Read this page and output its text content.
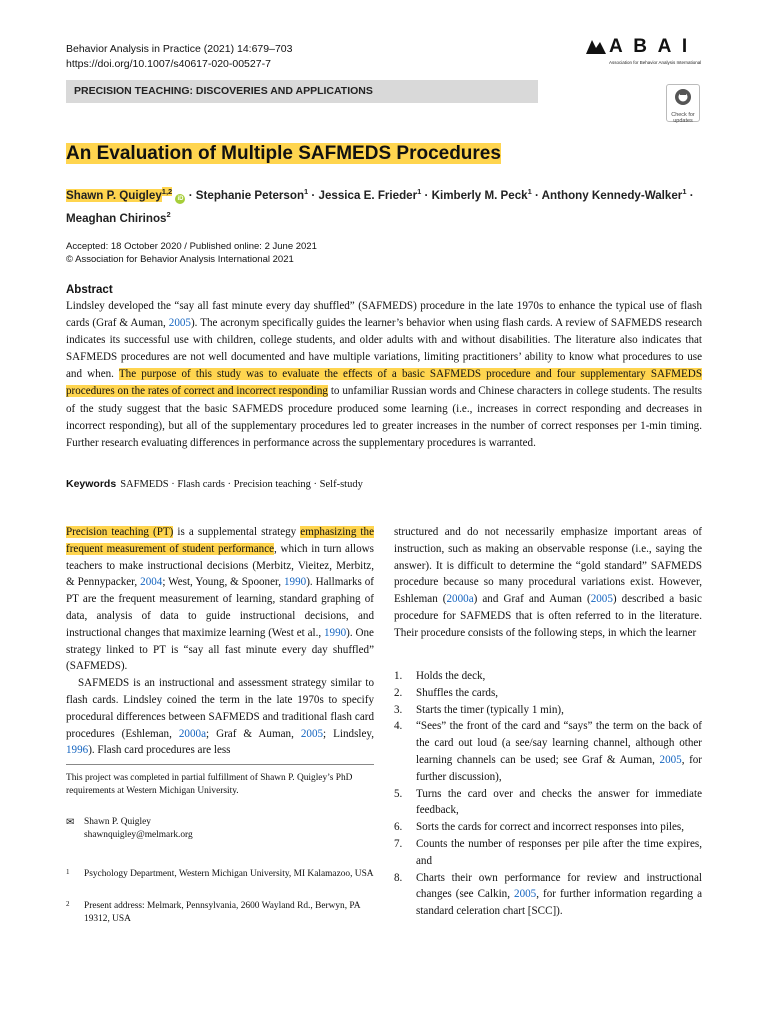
Behavior Analysis in Practice (2021) 14:679–703
https://doi.org/10.1007/s40617-020-00527-7
A B A I
Association for Behavior Analysis International
PRECISION TEACHING: DISCOVERIES AND APPLICATIONS
Check for updates
An Evaluation of Multiple SAFMEDS Procedures
Shawn P. Quigley$^{1,2}$ iD · Stephanie Peterson$^1$ · Jessica E. Frieder$^1$ · Kimberly M. Peck$^1$ · Anthony Kennedy-Walker$^1$ ·
Meaghan Chirinos$^2$
Accepted: 18 October 2020 / Published online: 2 June 2021
© Association for Behavior Analysis International 2021
Abstract

Lindsley developed the “say all fast minute every day shuffled” (SAFMEDS) procedure in the late 1970s to enhance the typical use of flash cards (Graf & Auman, 2005). The acronym specifically guides the learner’s behavior when using flash cards. A review of SAFMEDS research indicates its successful use with children, college students, and older adults with and without disabilities. The literature also indicates that SAFMEDS procedures are not well documented and have multiple variations, limiting practitioners’ ability to know what procedures to use and when. The purpose of this study was to evaluate the effects of a basic SAFMEDS procedure and four supplementary SAFMEDS procedures on the rates of correct and incorrect responding to unfamiliar Russian words and Chinese characters in college students. The results of the study suggest that the basic SAFMEDS procedure produced some learning (i.e., increases in correct responding and decreases in incorrect responding), but all of the supplementary procedures led to greater increases in the number of correct responses per 1-min timing. Further research evaluating differences in performance across the supplementary procedures is warranted.

Keywords SAFMEDS · Flash cards · Precision teaching · Self-study

Precision teaching (PT) is a supplemental strategy emphasizing the frequent measurement of student performance, which in turn allows teachers to make instructional decisions (Merbitz, Vieitez, Merbitz, & Pennypacker, 2004; West, Young, & Spooner, 1990). Hallmarks of PT are the frequent measurement of learning, standard graphing of data, analysis of data to guide instructional decisions, and instructional changes that maximize learning (West et al., 1990). One strategy linked to PT is “say all fast minute every day shuffled” (SAFMEDS).

SAFMEDS is an instructional and assessment strategy similar to flash cards. Lindsley coined the term in the late 1970s to specify procedural differences between SAFMEDS and traditional flash card procedures (Eshleman, 2000a; Graf & Auman, 2005; Lindsley, 1996). Flash card procedures are less

This project was completed in partial fulfillment of Shawn P. Quigley’s PhD requirements at Western Michigan University.
✉	Shawn P. Quigley
shawnquigley@melmark.org
1 Psychology Department, Western Michigan University, MI Kalamazoo, USA
2 Present address: Melmark, Pennsylvania, 2600 Wayland Rd., Berwyn, PA 19312, USA

structured and do not necessarily emphasize important areas of instruction, such as making an observable response (i.e., saying the answer). It is difficult to determine the “gold standard” SAFMEDS procedure because so many procedural variations exist. However, Eshleman (2000a) and Graf and Auman (2005) described a basic procedure for SAFMEDS that is often referred to in the literature. Their procedure consists of the following steps, in which the learner

1. Holds the deck,
2. Shuffles the cards,
3. Starts the timer (typically 1 min),
4. “Sees” the front of the card and “says” the term on the back of the card out loud (a see/say learning channel, although other learning channels can be used; see Graf & Auman, 2005, for further discussion),
5. Turns the card over and checks the answer for immediate feedback,
6. Sorts the cards for correct and incorrect responses into piles,
7. Counts the number of responses per pile after the time expires, and
8. Charts their own performance for review and instructional changes (see Calkin, 2005, for further information regarding a standard celeration chart [SCC]).
